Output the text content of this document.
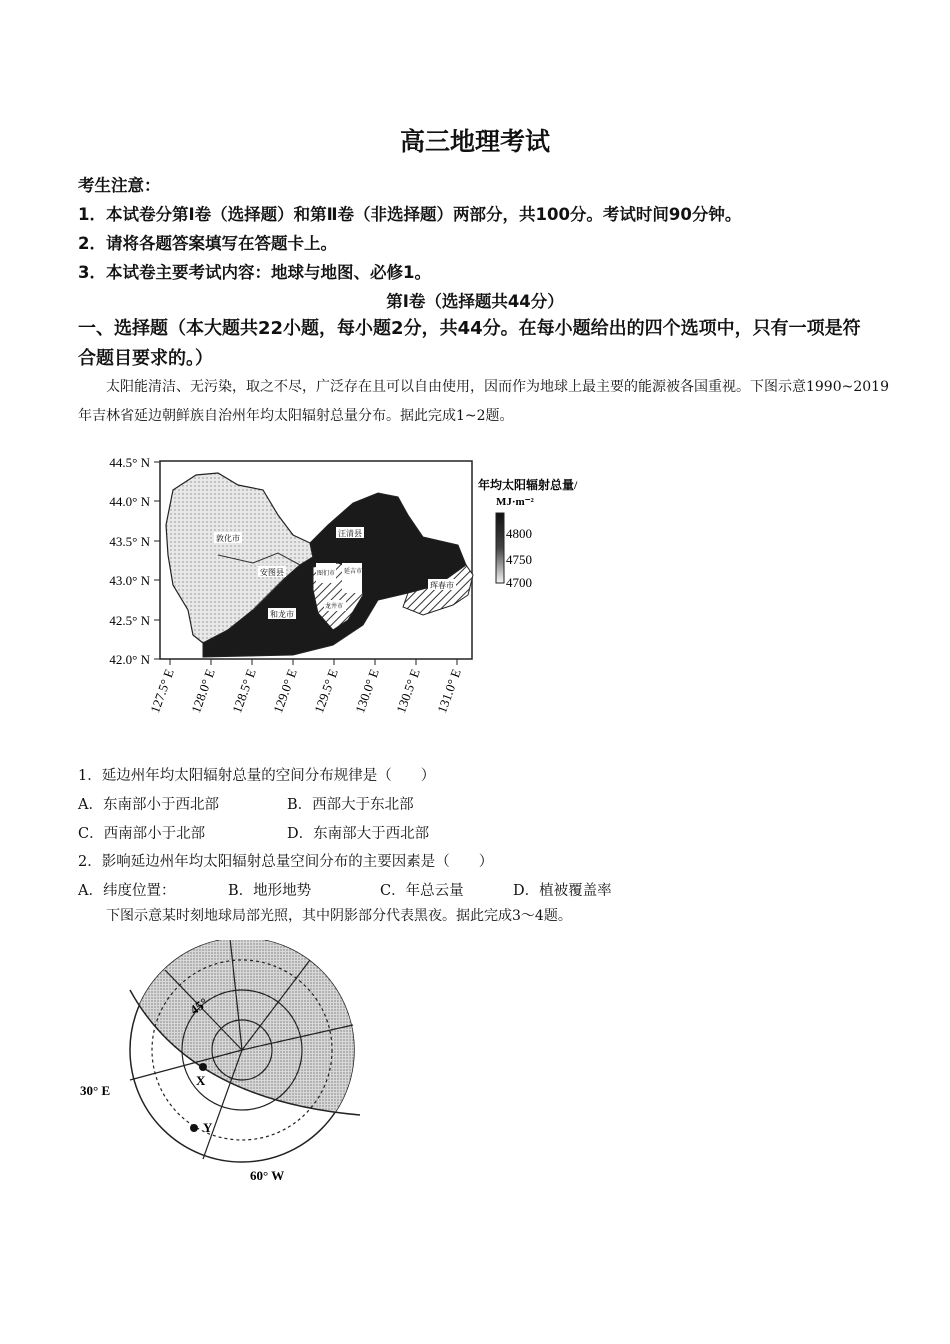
高三地理考试
考生注意：
1．本试卷分第Ⅰ卷（选择题）和第Ⅱ卷（非选择题）两部分，共100分。考试时间90分钟。
2．请将各题答案填写在答题卡上。
3．本试卷主要考试内容：地球与地图、必修1。
第Ⅰ卷（选择题共44分）
一、选择题（本大题共22小题，每小题2分，共44分。在每小题给出的四个选项中，只有一项是符合题目要求的。）
太阳能清洁、无污染，取之不尽，广泛存在且可以自由使用，因而作为地球上最主要的能源被各国重视。下图示意1990~2019年吉林省延边朝鲜族自治州年均太阳辐射总量分布。据此完成1~2题。
敦化市
安图县
汪清县
延吉市
图们市
龙井市
和龙市
珲春市
44.5° N
44.0° N
43.5° N
43.0° N
42.5° N
42.0° N
127.5° E 128.0° E 128.5° E 129.0° E 129.5° E 130.0° E 130.5° E 131.0° E
年均太阳辐射总量/
MJ·m⁻²
4800
4750
4700
1．延边州年均太阳辐射总量的空间分布规律是（　　）
A．东南部小于西北部	B．西部大于东北部
C．西南部小于北部	D．东南部大于西北部
2．影响延边州年均太阳辐射总量空间分布的主要因素是（　　）
A．纬度位置：	B．地形地势	C．年总云量	D．植被覆盖率
下图示意某时刻地球局部光照，其中阴影部分代表黑夜。据此完成3～4题。
45°
X
Y
30° E
60° W
